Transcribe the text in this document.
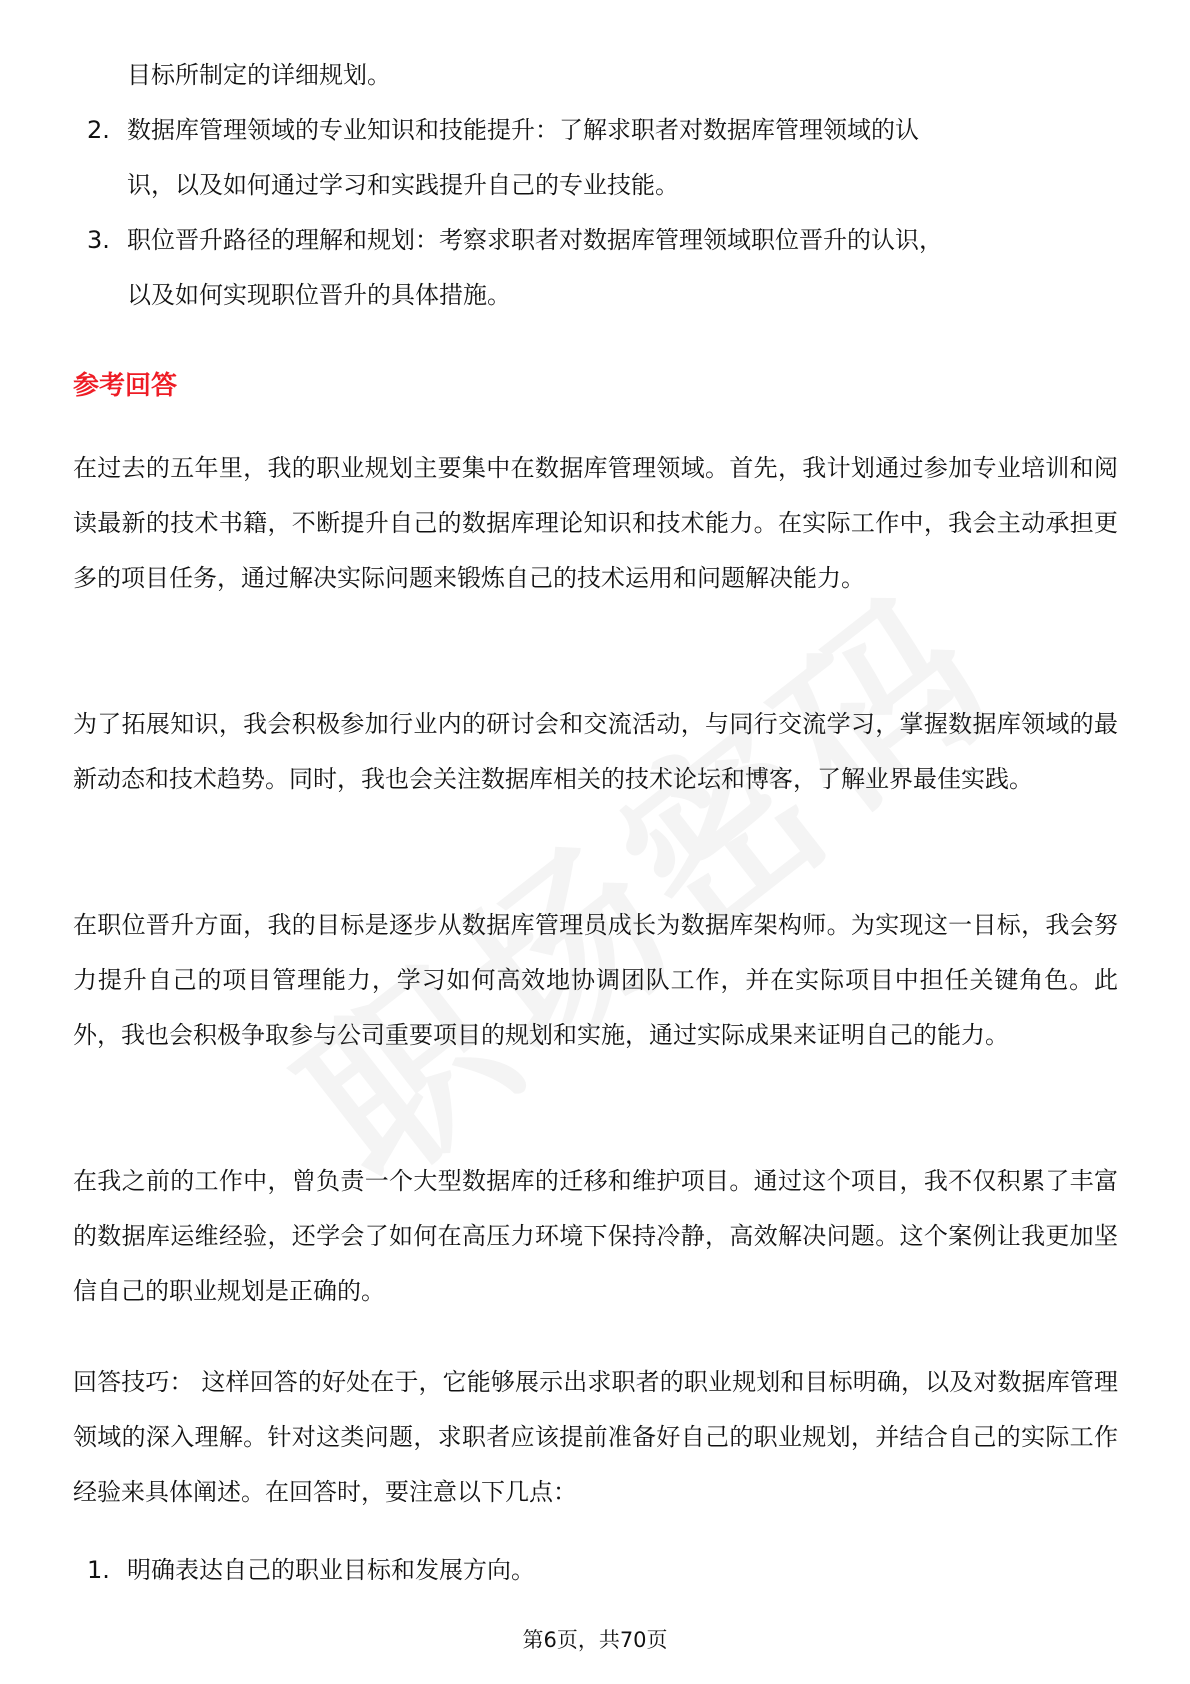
目标所制定的详细规划。

2. 数据库管理领域的专业知识和技能提升：了解求职者对数据库管理领域的认

识，以及如何通过学习和实践提升自己的专业技能。

3. 职位晋升路径的理解和规划：考察求职者对数据库管理领域职位晋升的认识，

以及如何实现职位晋升的具体措施。

参考回答

在过去的五年里，我的职业规划主要集中在数据库管理领域。首先，我计划通过参加专业培训和阅读最新的技术书籍，不断提升自己的数据库理论知识和技术能力。在实际工作中，我会主动承担更多的项目任务，通过解决实际问题来锻炼自己的技术运用和问题解决能力。

为了拓展知识，我会积极参加行业内的研讨会和交流活动，与同行交流学习，掌握数据库领域的最新动态和技术趋势。同时，我也会关注数据库相关的技术论坛和博客，了解业界最佳实践。

在职位晋升方面，我的目标是逐步从数据库管理员成长为数据库架构师。为实现这一目标，我会努力提升自己的项目管理能力，学习如何高效地协调团队工作，并在实际项目中担任关键角色。此外，我也会积极争取参与公司重要项目的规划和实施，通过实际成果来证明自己的能力。

在我之前的工作中，曾负责一个大型数据库的迁移和维护项目。通过这个项目，我不仅积累了丰富的数据库运维经验，还学会了如何在高压力环境下保持冷静，高效解决问题。这个案例让我更加坚信自己的职业规划是正确的。

回答技巧： 这样回答的好处在于，它能够展示出求职者的职业规划和目标明确，以及对数据库管理领域的深入理解。针对这类问题，求职者应该提前准备好自己的职业规划，并结合自己的实际工作经验来具体阐述。在回答时，要注意以下几点：

1. 明确表达自己的职业目标和发展方向。

第6页，共70页
